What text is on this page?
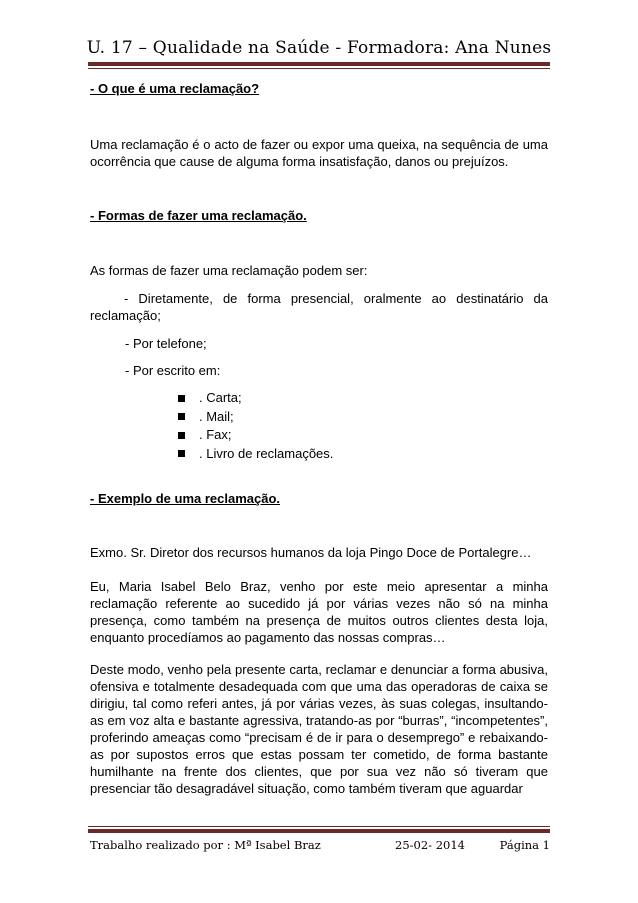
U. 17 – Qualidade na Saúde - Formadora: Ana Nunes
- O que é uma reclamação?
Uma reclamação é o acto de fazer ou expor uma queixa, na sequência de uma ocorrência que cause de alguma forma insatisfação, danos ou prejuízos.
- Formas de fazer uma reclamação.
As formas de fazer uma reclamação podem ser:
- Diretamente, de forma presencial, oralmente ao destinatário da reclamação;
- Por telefone;
- Por escrito em:
. Carta;
. Mail;
. Fax;
. Livro de reclamações.
- Exemplo de uma reclamação.
Exmo. Sr. Diretor dos recursos humanos da loja Pingo Doce de Portalegre…
Eu, Maria Isabel Belo Braz, venho por este meio apresentar a minha reclamação referente ao sucedido já por várias vezes não só na minha presença, como também na presença de muitos outros clientes desta loja, enquanto procedíamos ao pagamento das nossas compras…
Deste modo, venho pela presente carta, reclamar e denunciar a forma abusiva, ofensiva e totalmente desadequada com que uma das operadoras de caixa se dirigiu, tal como referi antes, já por várias vezes, às suas colegas, insultando-as em voz alta e bastante agressiva, tratando-as por “burras”, “incompetentes”, proferindo ameaças como “precisam é de ir para o desemprego” e rebaixando-as por supostos erros que estas possam ter cometido, de forma bastante humilhante na frente dos clientes, que por sua vez não só tiveram que presenciar tão desagradável situação, como também tiveram que aguardar
Trabalho realizado por : Mª Isabel Braz	25-02- 2014	Página 1
